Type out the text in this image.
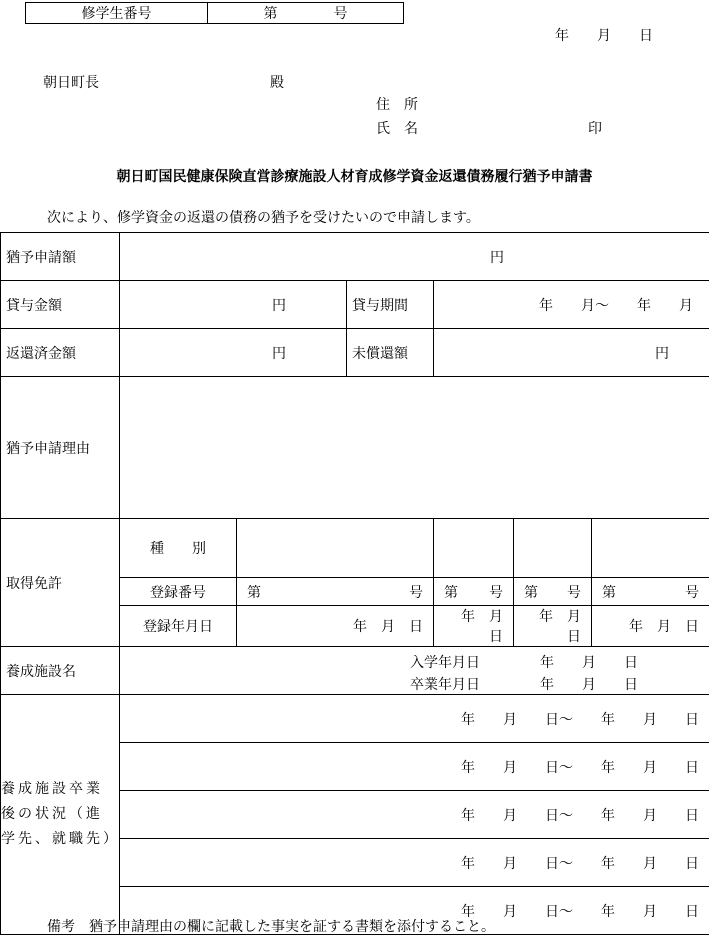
修学生番号	第　　　　号
年　　月　　日
朝日町長	殿
住　所
氏　名	印
朝日町国民健康保険直営診療施設人材育成修学資金返還債務履行猶予申請書
次により、修学資金の返還の債務の猶予を受けたいので申請します。
猶予申請額	円					
貸与金額	円		貸与期間	年　　月～　　年　　月		
返還済金額	円		未償還額	円		
猶予申請理由						
取得免許	種　　別					
	登録番号	第 号		第 号	第 号	第 号

	登録年月日	年　月　日		年　月　日	年　月　日	年　月　日
養成施設名	入学年月日 年　　月　　日
卒業年月日 年　　月　　日					

養成施設卒業後の状況（進学先、就職先）	年　　月　　日～　　年　　月　　日					
	年　　月　　日～　　年　　月　　日					
	年　　月　　日～　　年　　月　　日					
	年　　月　　日～　　年　　月　　日					
	年　　月　　日～　　年　　月　　日					
備考　猶予申請理由の欄に記載した事実を証する書類を添付すること。
